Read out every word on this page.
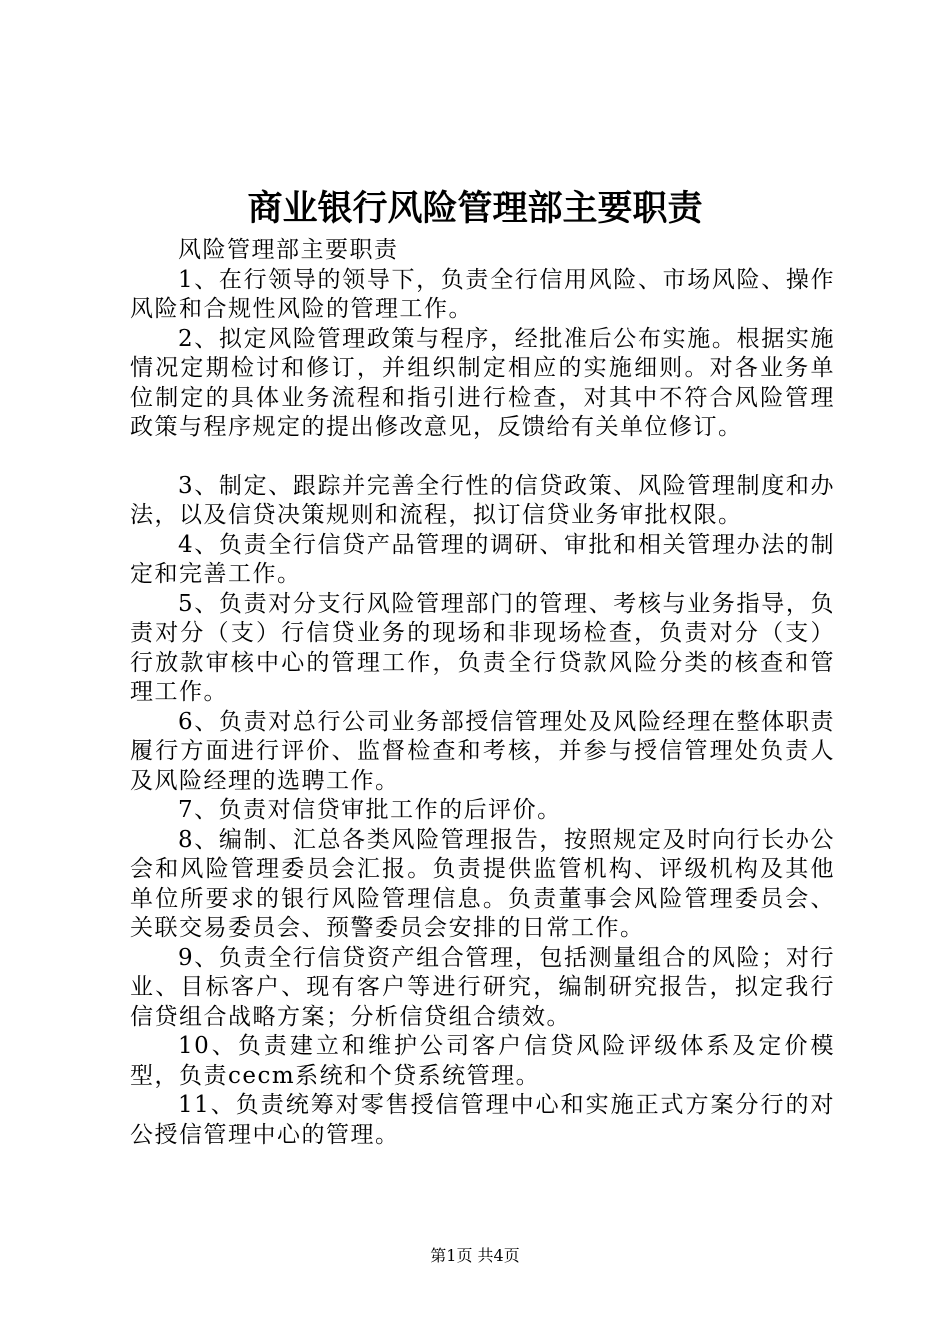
商业银行风险管理部主要职责

风险管理部主要职责

1、在行领导的领导下，负责全行信用风险、市场风险、操作风险和合规性风险的管理工作。

2、拟定风险管理政策与程序，经批准后公布实施。根据实施情况定期检讨和修订，并组织制定相应的实施细则。对各业务单位制定的具体业务流程和指引进行检查，对其中不符合风险管理政策与程序规定的提出修改意见，反馈给有关单位修订。

3、制定、跟踪并完善全行性的信贷政策、风险管理制度和办法，以及信贷决策规则和流程，拟订信贷业务审批权限。

4、负责全行信贷产品管理的调研、审批和相关管理办法的制定和完善工作。

5、负责对分支行风险管理部门的管理、考核与业务指导，负责对分（支）行信贷业务的现场和非现场检查，负责对分（支）行放款审核中心的管理工作，负责全行贷款风险分类的核查和管理工作。

6、负责对总行公司业务部授信管理处及风险经理在整体职责履行方面进行评价、监督检查和考核，并参与授信管理处负责人及风险经理的选聘工作。

7、负责对信贷审批工作的后评价。

8、编制、汇总各类风险管理报告，按照规定及时向行长办公会和风险管理委员会汇报。负责提供监管机构、评级机构及其他单位所要求的银行风险管理信息。负责董事会风险管理委员会、关联交易委员会、预警委员会安排的日常工作。

9、负责全行信贷资产组合管理，包括测量组合的风险；对行业、目标客户、现有客户等进行研究，编制研究报告，拟定我行信贷组合战略方案；分析信贷组合绩效。

10、负责建立和维护公司客户信贷风险评级体系及定价模型，负责cecm系统和个贷系统管理。

11、负责统筹对零售授信管理中心和实施正式方案分行的对公授信管理中心的管理。

第1页 共4页
